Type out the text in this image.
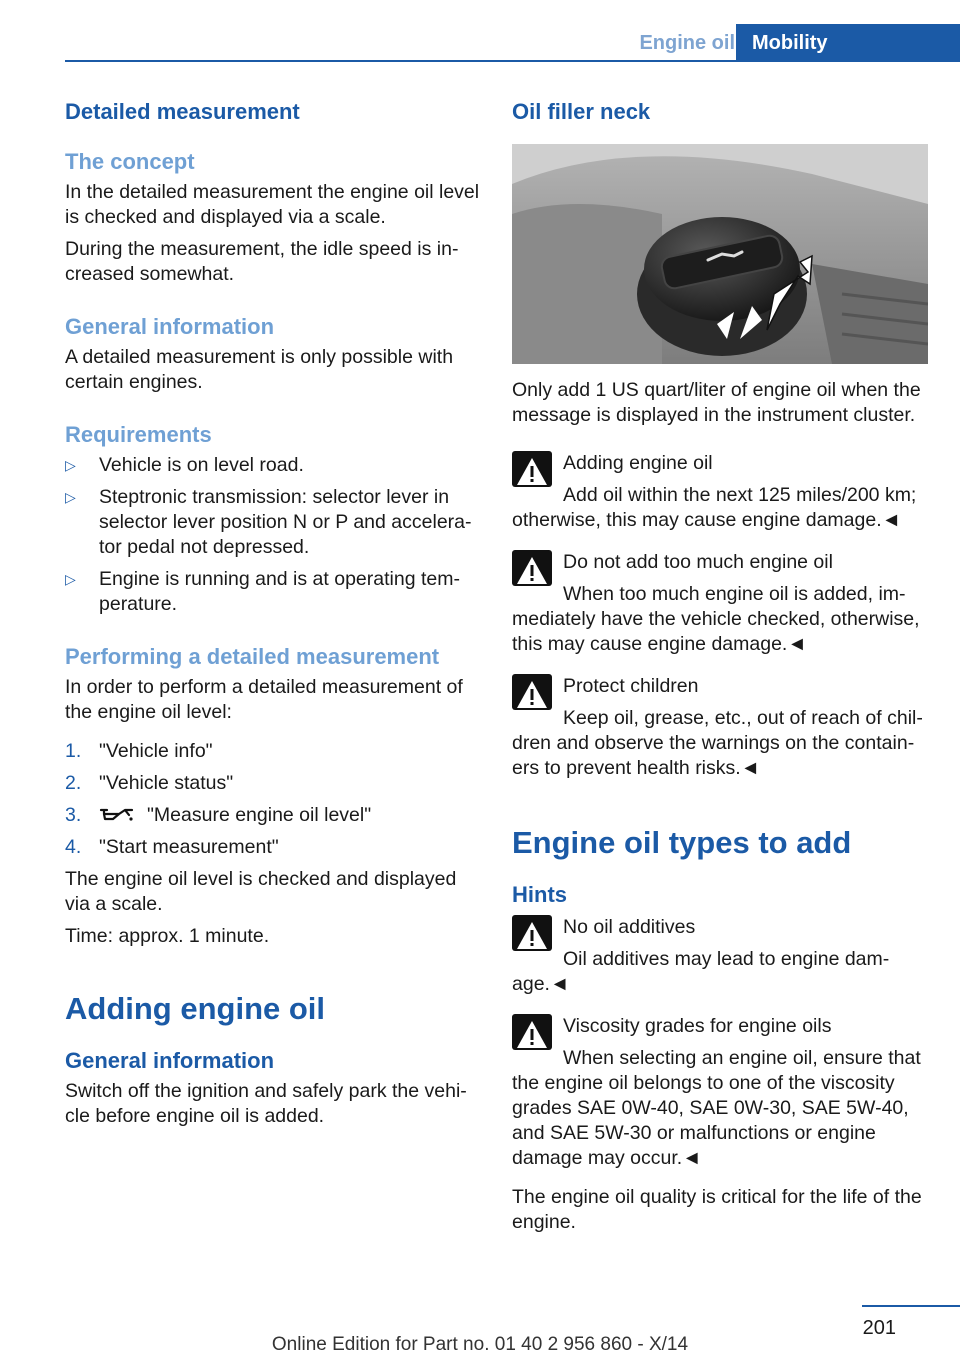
Engine oil Mobility
Detailed measurement
The concept

In the detailed measurement the engine oil level is checked and displayed via a scale.

During the measurement, the idle speed is increased somewhat.

General information

A detailed measurement is only possible with certain engines.

Requirements
▷ Vehicle is on level road.
▷ Steptronic transmission: selector lever in selector lever position N or P and accelerator pedal not depressed.
▷ Engine is running and is at operating temperature.
Performing a detailed measurement

In order to perform a detailed measurement of the engine oil level:

1. "Vehicle info"
2. "Vehicle status"
3.	"Measure engine oil level"
4. "Start measurement"

The engine oil level is checked and displayed via a scale.

Time: approx. 1 minute.

Adding engine oil
General information

Switch off the ignition and safely park the vehicle before engine oil is added.

Oil filler neck

Only add 1 US quart/liter of engine oil when the message is displayed in the instrument cluster.

Adding engine oil

Add oil within the next 125 miles/200 km; otherwise, this may cause engine damage.◄

Do not add too much engine oil

When too much engine oil is added, immediately have the vehicle checked, otherwise, this may cause engine damage.◄

Protect children

Keep oil, grease, etc., out of reach of children and observe the warnings on the containers to prevent health risks.◄

Engine oil types to add
Hints

No oil additives

Oil additives may lead to engine damage.◄

Viscosity grades for engine oils

When selecting an engine oil, ensure that the engine oil belongs to one of the viscosity grades SAE 0W-40, SAE 0W-30, SAE 5W-40, and SAE 5W-30 or malfunctions or engine damage may occur.◄

The engine oil quality is critical for the life of the engine.

201
Online Edition for Part no. 01 40 2 956 860 - X/14
